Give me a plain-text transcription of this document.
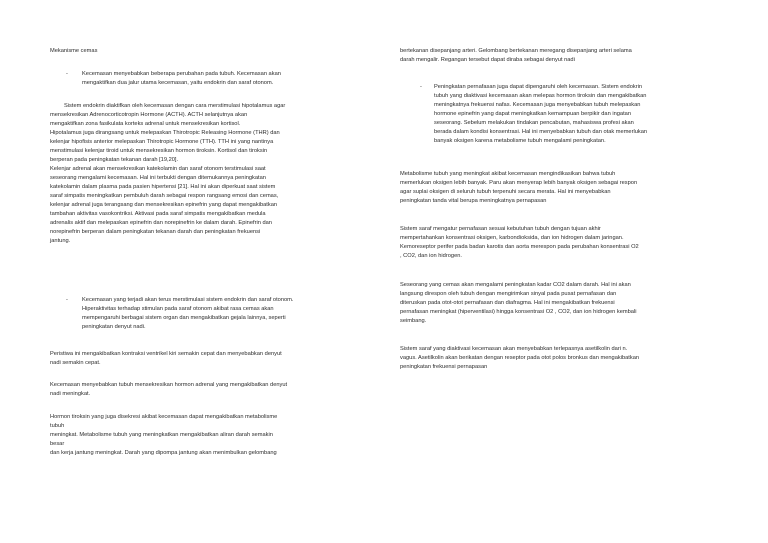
Mekanisme cemas
- Kecemasan menyebabkan beberapa perubahan pada tubuh. Kecemasan akan
mengaktifkan dua jalur utama kecemasan, yaitu endokrin dan saraf otonom.
Sistem endokrin diaktifkan oleh kecemasan dengan cara merstimulasi hipotalamus agar
mensekresikan Adrenocorticotropin Hormone (ACTH). ACTH selanjutnya akan
mengaktifkan zona fasikulata korteks adrenal untuk mensekresikan kortisol.
Hipotalamus juga dirangsang untuk melepaskan Thirotropic Releasing Hormone (THR) dan
kelenjar hipofisis anterior melepaskan Thirotropic Hormone (TTH). TTH ini yang nantinya
menstimulasi kelenjar tiroid untuk mensekresikan hormon tiroksin. Kortisol dan tiroksin
berperan pada peningkatan tekanan darah [19,20].
Kelenjar adrenal akan mensekresikan katekolamin dan saraf otonom terstimulasi saat
seseorang mengalami kecemasan. Hal ini terbukti dengan ditemukannya peningkatan
katekolamin dalam plasma pada pasien hipertensi [21]. Hal ini akan diperkuat saat sistem
saraf simpatis meningkatkan pembuluh darah sebagai respon rangsang emosi dan cemas,
kelenjar adrenal juga terangsang dan mensekresikan epinefrin yang dapat mengakibatkan
tambahan aktivitas vasokontriksi. Aktivasi pada saraf simpatis mengakibatkan medula
adrenalis aktif dan melepaskan epinefrin dan norepinefrin ke dalam darah. Epinefrin dan
norepinefrin berperan dalam peningkatan tekanan darah dan peningkatan frekuensi
jantung.
- Kecemasan yang terjadi akan terus merstimulasi sistem endokrin dan saraf otonom.
Hiperaktivitas terhadap stimulan pada saraf otonom akibat rasa cemas akan
mempengaruhi berbagai sistem organ dan mengakibatkan gejala lainnya, seperti
peningkatan denyut nadi.
Peristiwa ini mengakibatkan kontraksi ventrikel kiri semakin cepat dan menyebabkan denyut
nadi semakin cepat.
Kecemasan menyebabkan tubuh mensekresikan hormon adrenal yang mengakibatkan denyut
nadi meningkat.
Hormon tiroksin yang juga disekresi akibat kecemasan dapat mengakibatkan metabolisme
tubuh
meningkat. Metabolisme tubuh yang meningkatkan mengakibatkan aliran darah semakin
besar
dan kerja jantung meningkat. Darah yang dipompa jantung akan menimbulkan gelombang
bertekanan disepanjang arteri. Gelombang bertekanan meregang disepanjang arteri selama
darah mengalir. Regangan tersebut dapat diraba sebagai denyut nadi
- Peningkatan pernafasan juga dapat dipengaruhi oleh kecemasan. Sistem endokrin
tubuh yang diaktivasi kecemasan akan melepas hormon tiroksin dan mengakibatkan
meningkatnya frekuensi nafas. Kecemasan juga menyebabkan tubuh melepaskan
hormone epinefrin yang dapat meningkatkan kemampuan berpikir dan ingatan
seseorang. Sebelum melakukan tindakan pencabutan, mahasiswa profesi akan
berada dalam kondisi konsentrasi. Hal ini menyebabkan tubuh dan otak memerlukan
banyak oksigen karena metabolisme tubuh mengalami peningkatan.
Metabolisme tubuh yang meningkat akibat kecemasan mengindikasikan bahwa tubuh
memerlukan oksigen lebih banyak. Paru akan menyerap lebih banyak oksigen sebagai respon
agar suplai oksigen di seluruh tubuh terpenuhi secara merata. Hal ini menyebabkan
peningkatan tanda vital berupa meningkatnya pernapasan
Sistem saraf mengatur pernafasan sesuai kebutuhan tubuh dengan tujuan akhir
mempertahankan konsentrasi oksigen, karbondioksida, dan ion hidrogen dalam jaringan.
Kemoreseptor perifer pada badan karotis dan aorta merespon pada perubahan konsentrasi O2
, CO2, dan ion hidrogen.
Seseorang yang cemas akan mengalami peningkatan kadar CO2 dalam darah. Hal ini akan
langsung direspon oleh tubuh dengan mengirimkan sinyal pada pusat pernafasan dan
diteruskan pada otot-otot pernafasan dan diafragma. Hal ini mengakibatkan frekuensi
pernafasan meningkat (hiperventilasi) hingga konsentrasi O2 , CO2, dan ion hidrogen kembali
seimbang.
Sistem saraf yang diaktivasi kecemasan akan menyebabkan terlepasnya asetilkolin dari n.
vagus. Asetilkolin akan berikatan dengan reseptor pada otot polos bronkus dan mengakibatkan
peningkatan frekuensi pernapasan
